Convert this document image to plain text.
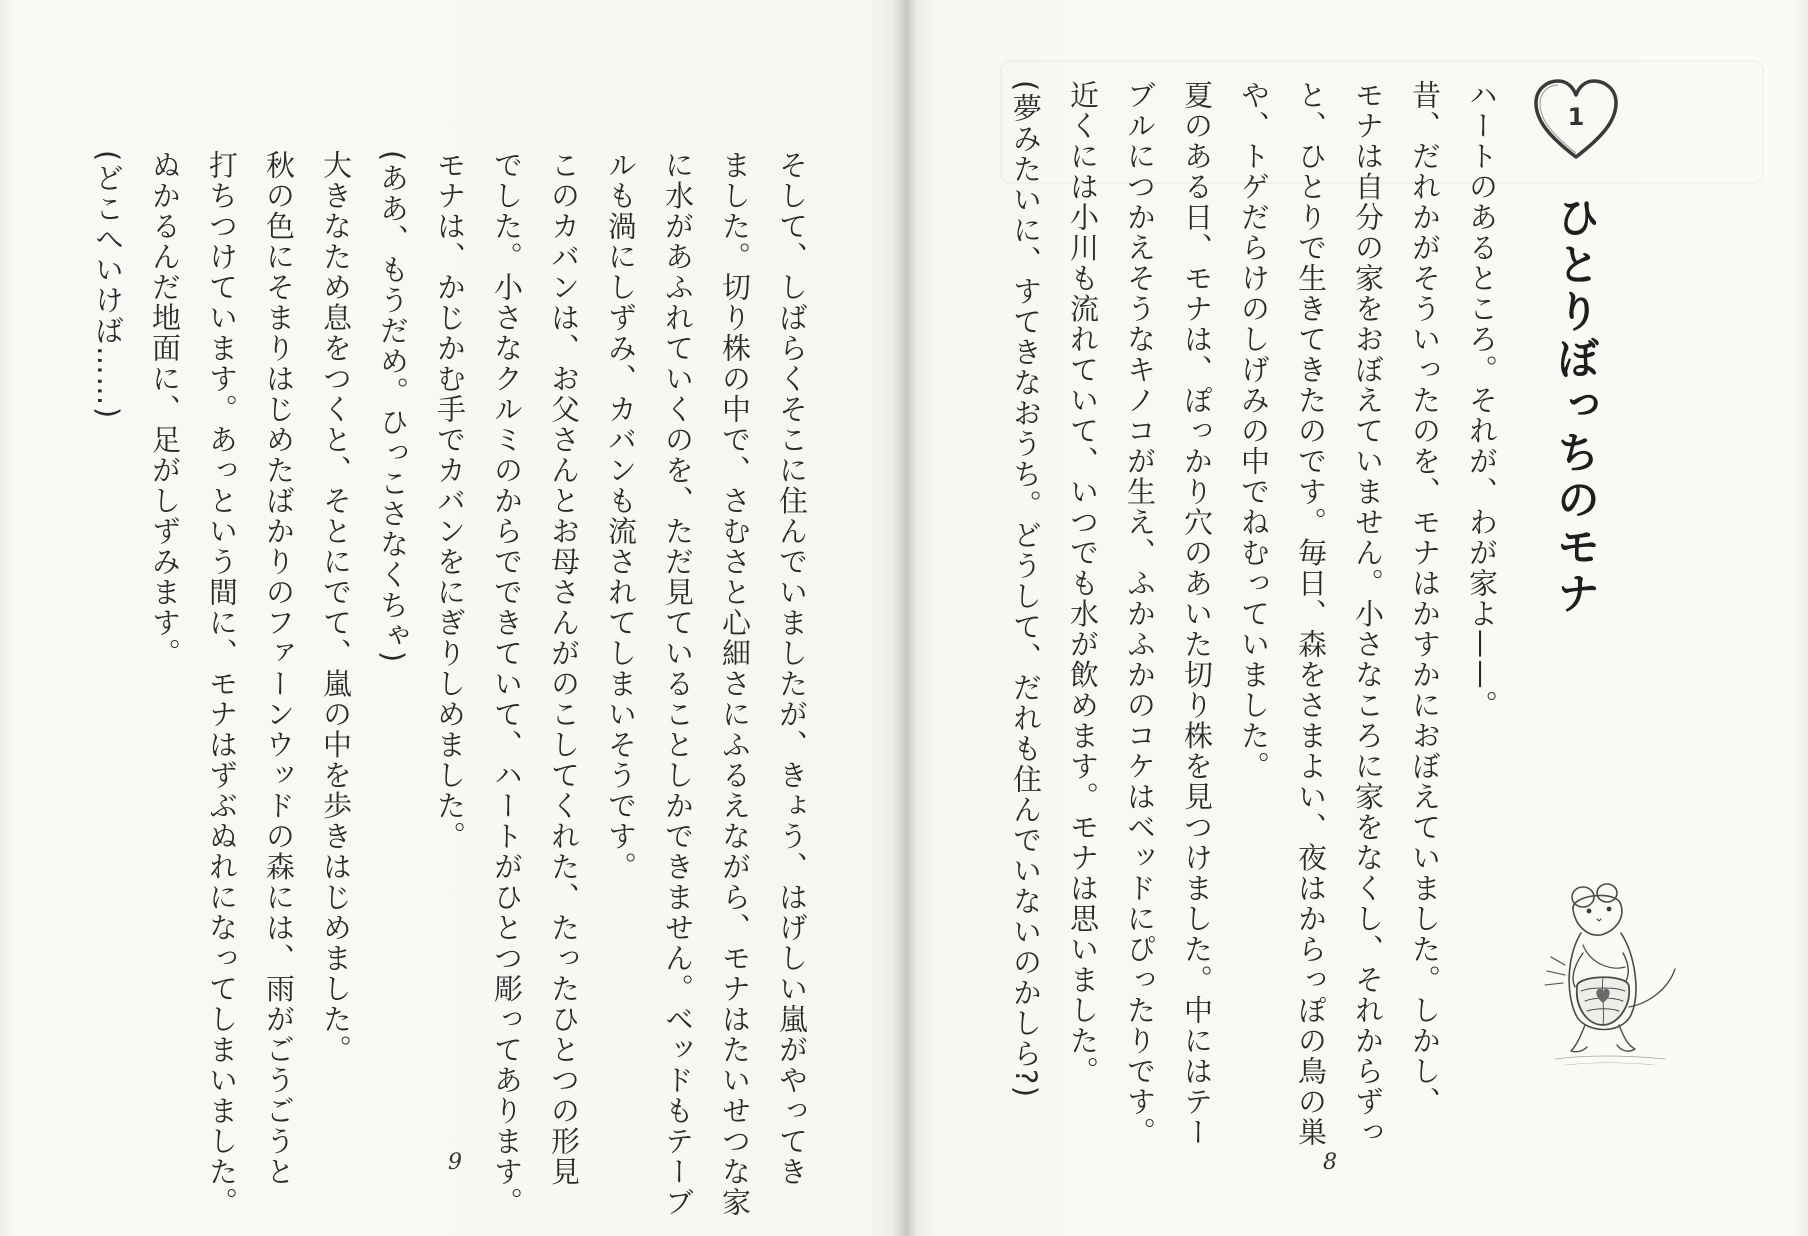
そして、しばらくそこに住んでいましたが、きょう、はげしい嵐がやってき
ました。切り株の中で、さむさと心細さにふるえながら、モナはたいせつな家
に水があふれていくのを、ただ見ていることしかできません。ベッドもテーブ
ルも渦にしずみ、カバンも流されてしまいそうです。
このカバンは、お父さんとお母さんがのこしてくれた、たったひとつの形見
でした。小さなクルミのからでできていて、ハートがひとつ彫ってあります。
モナは、かじかむ手でカバンをにぎりしめました。
(ああ、もうだめ。ひっこさなくちゃ)
大きなため息をつくと、そとにでて、嵐の中を歩きはじめました。
秋の色にそまりはじめたばかりのファーンウッドの森には、雨がごうごうと
打ちつけています。あっという間に、モナはずぶぬれになってしまいました。
ぬかるんだ地面に、足がしずみます。
(どこへいけば……)
9
1
ひとりぼっちのモナ
ハートのあるところ。それが、わが家よ——。
昔、だれかがそういったのを、モナはかすかにおぼえていました。しかし、
モナは自分の家をおぼえていません。小さなころに家をなくし、それからずっ
と、ひとりで生きてきたのです。毎日、森をさまよい、夜はからっぽの鳥の巣
や、トゲだらけのしげみの中でねむっていました。
夏のある日、モナは、ぽっかり穴のあいた切り株を見つけました。中にはテー
ブルにつかえそうなキノコが生え、ふかふかのコケはベッドにぴったりです。
近くには小川も流れていて、いつでも水が飲めます。モナは思いました。
(夢みたいに、すてきなおうち。どうして、だれも住んでいないのかしら?)
8
